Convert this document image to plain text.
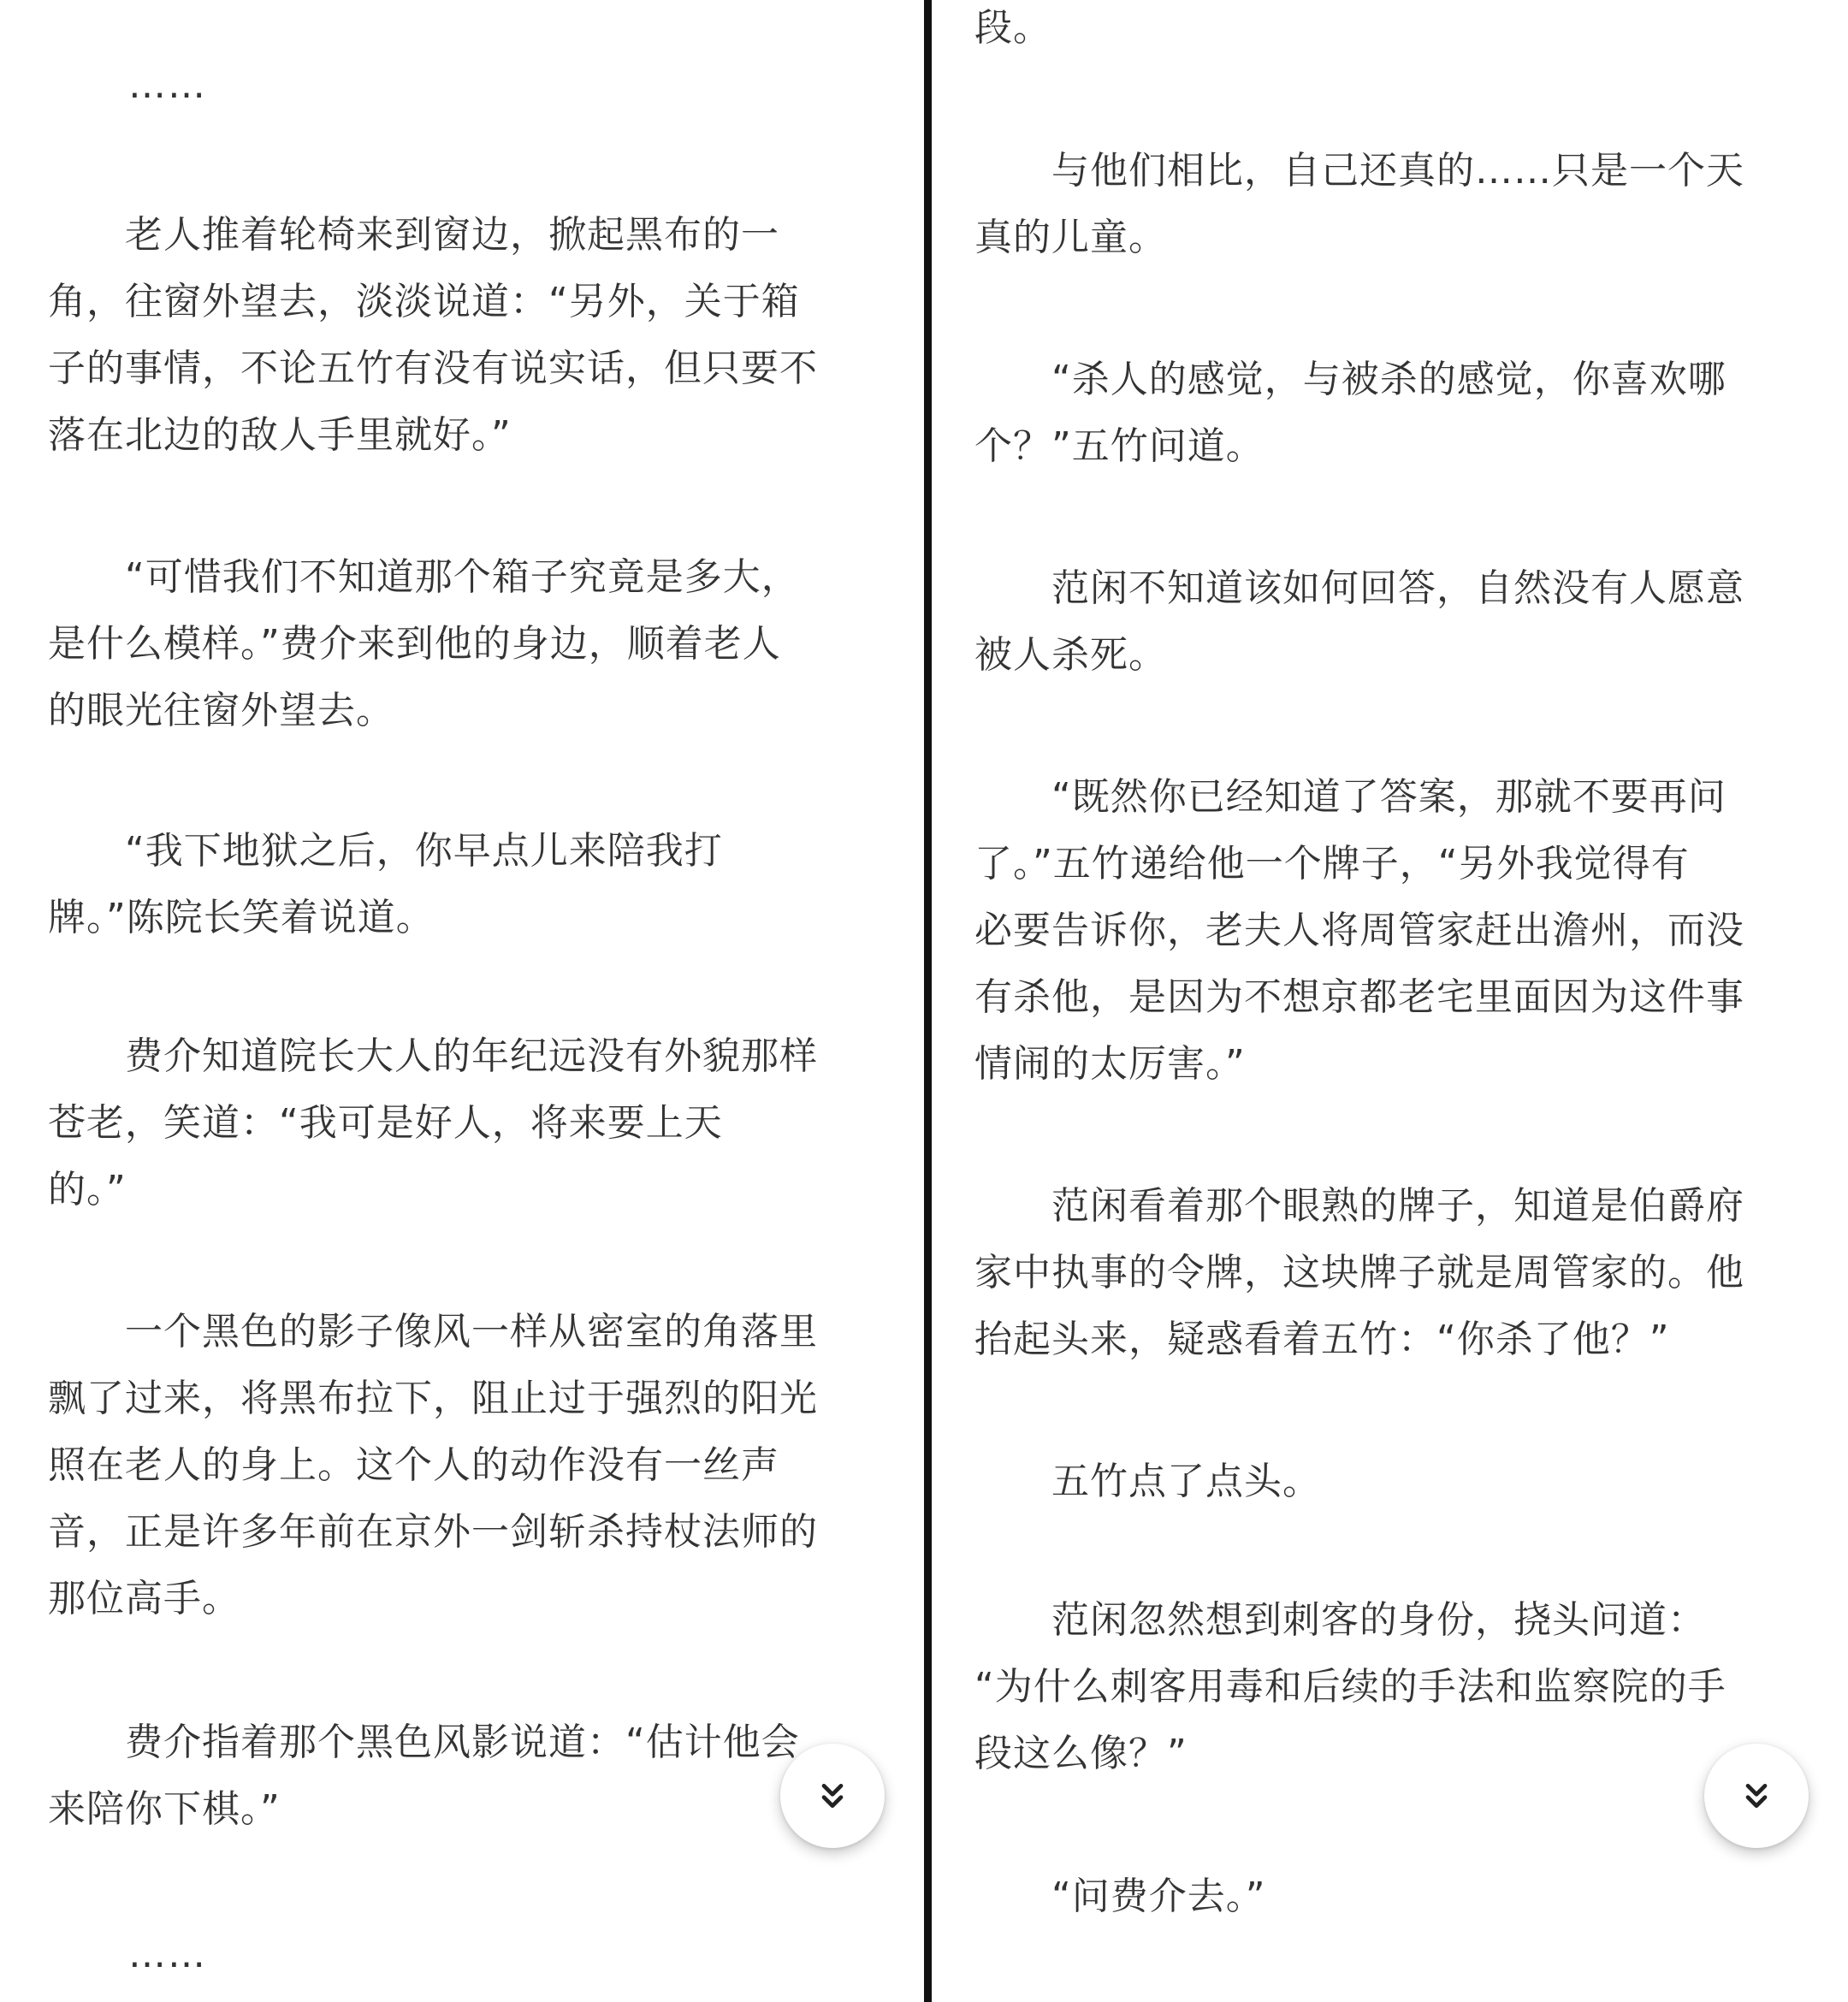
……

　　老人推着轮椅来到窗边，掀起黑布的一
角，往窗外望去，淡淡说道：“另外，关于箱
子的事情，不论五竹有没有说实话，但只要不
落在北边的敌人手里就好。”

　　“可惜我们不知道那个箱子究竟是多大，
是什么模样。”费介来到他的身边，顺着老人
的眼光往窗外望去。

　　“我下地狱之后，你早点儿来陪我打
牌。”陈院长笑着说道。

　　费介知道院长大人的年纪远没有外貌那样
苍老，笑道：“我可是好人，将来要上天
的。”

　　一个黑色的影子像风一样从密室的角落里
飘了过来，将黑布拉下，阻止过于强烈的阳光
照在老人的身上。这个人的动作没有一丝声
音，正是许多年前在京外一剑斩杀持杖法师的
那位高手。

　　费介指着那个黑色风影说道：“估计他会
来陪你下棋。”

……

段。

　　与他们相比，自己还真的……只是一个天
真的儿童。

　　“杀人的感觉，与被杀的感觉，你喜欢哪
个？”五竹问道。

　　范闲不知道该如何回答，自然没有人愿意
被人杀死。

　　“既然你已经知道了答案，那就不要再问
了。”五竹递给他一个牌子，“另外我觉得有
必要告诉你，老夫人将周管家赶出澹州，而没
有杀他，是因为不想京都老宅里面因为这件事
情闹的太厉害。”

　　范闲看着那个眼熟的牌子，知道是伯爵府
家中执事的令牌，这块牌子就是周管家的。他
抬起头来，疑惑看着五竹：“你杀了他？”

　　五竹点了点头。

　　范闲忽然想到刺客的身份，挠头问道：
“为什么刺客用毒和后续的手法和监察院的手
段这么像？”

　　“问费介去。”
